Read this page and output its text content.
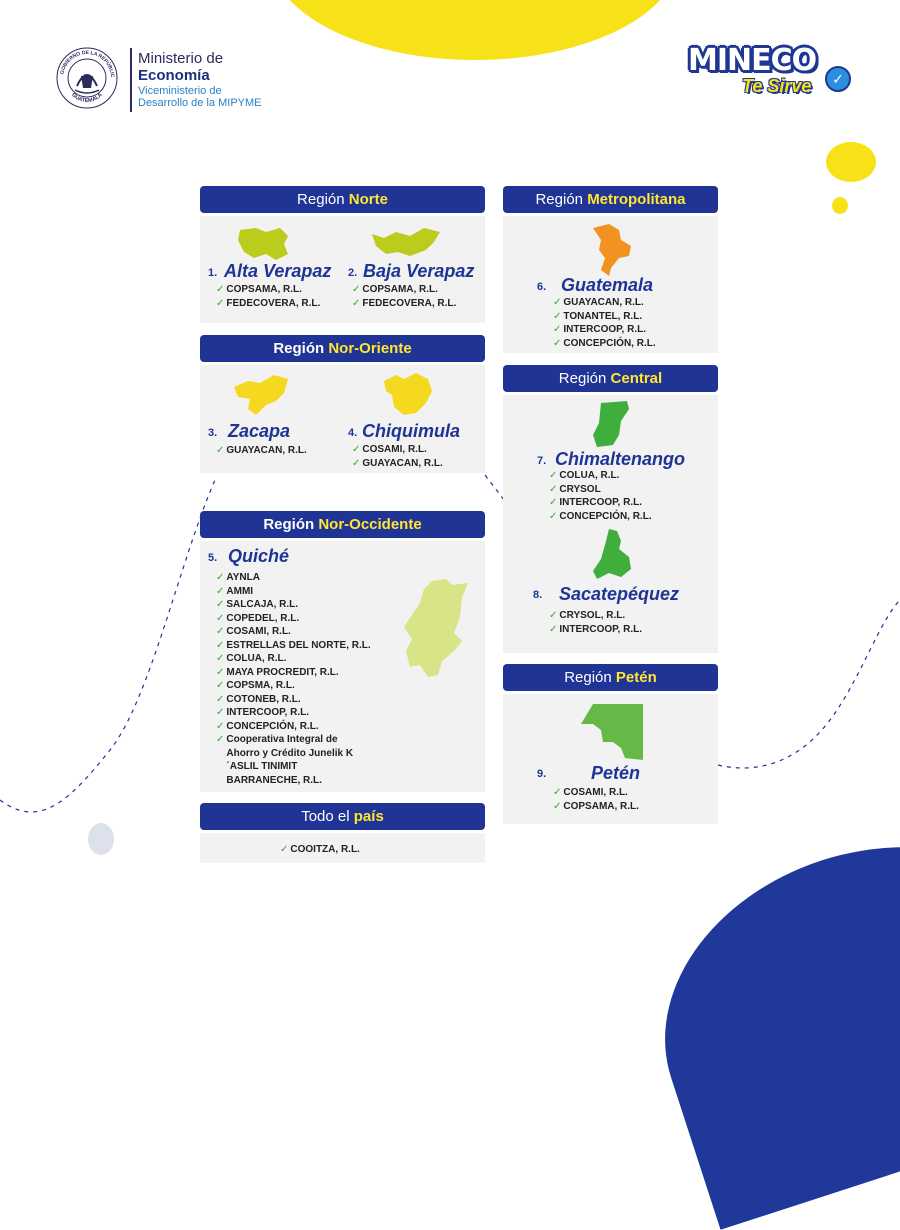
GOBIERNO DE LA REPÚBLIC
GUATEMALA
Ministerio de
Economía
Viceministerio de
Desarrollo de la MIPYME
MINECO
Te Sirve	✓
Región Norte
1. Alta Verapaz
✓ COPSAMA, R.L.
✓ FEDECOVERA, R.L.
2. Baja Verapaz
✓ COPSAMA, R.L.
✓ FEDECOVERA, R.L.
Región Nor-Oriente
3. Zacapa
✓ GUAYACAN, R.L.
4. Chiquimula
✓ COSAMI, R.L.
✓ GUAYACAN, R.L.
Región Nor-Occidente
5. Quiché
✓ AYNLA
✓ AMMI
✓ SALCAJA, R.L.
✓ COPEDEL, R.L.
✓ COSAMI, R.L.
✓ ESTRELLAS DEL NORTE, R.L.
✓ COLUA, R.L.
✓ MAYA PROCREDIT, R.L.
✓ COPSMA, R.L.
✓ COTONEB, R.L.
✓ INTERCOOP, R.L.
✓ CONCEPCIÓN, R.L.
✓ Cooperativa Integral de Ahorro y Crédito Junelik K´ASLIL TINIMIT BARRANECHE, R.L.
Todo el país
✓ COOITZA, R.L.
Región Metropolitana
6. Guatemala
✓ GUAYACAN, R.L.
✓ TONANTEL, R.L.
✓ INTERCOOP, R.L.
✓ CONCEPCIÓN, R.L.
Región Central
7. Chimaltenango
✓ COLUA, R.L.
✓ CRYSOL
✓ INTERCOOP, R.L.
✓ CONCEPCIÓN, R.L.
8. Sacatepéquez
✓ CRYSOL, R.L.
✓ INTERCOOP, R.L.
Región Petén
9. Petén
✓ COSAMI, R.L.
✓ COPSAMA, R.L.
